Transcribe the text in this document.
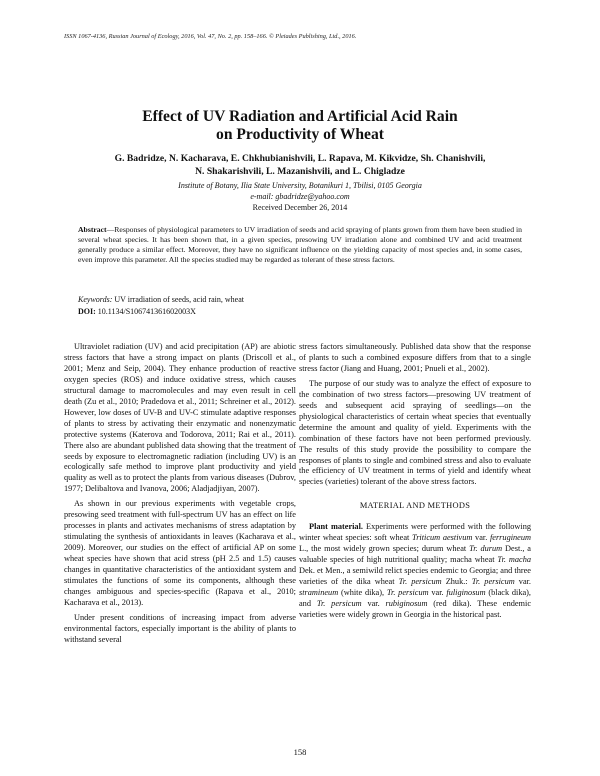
ISSN 1067-4136, Russian Journal of Ecology, 2016, Vol. 47, No. 2, pp. 158–166. © Pleiades Publishing, Ltd., 2016.
Effect of UV Radiation and Artificial Acid Rain
on Productivity of Wheat
G. Badridze, N. Kacharava, E. Chkhubianishvili, L. Rapava, M. Kikvidze, Sh. Chanishvili,
N. Shakarishvili, L. Mazanishvili, and L. Chigladze
Institute of Botany, Ilia State University, Botanikuri 1, Tbilisi, 0105 Georgia
e-mail: gbadridze@yahoo.com
Received December 26, 2014
Abstract—Responses of physiological parameters to UV irradiation of seeds and acid spraying of plants grown from them have been studied in several wheat species. It has been shown that, in a given species, presowing UV irradiation alone and combined UV and acid treatment generally produce a similar effect. Moreover, they have no significant influence on the yielding capacity of most species and, in some cases, even improve this parameter. All the species studied may be regarded as tolerant of these stress factors.
Keywords: UV irradiation of seeds, acid rain, wheat
DOI: 10.1134/S106741361602003X

Ultraviolet radiation (UV) and acid precipitation (AP) are abiotic stress factors that have a strong impact on plants (Driscoll et al., 2001; Menz and Seip, 2004). They enhance production of reactive oxygen species (ROS) and induce oxidative stress, which causes structural damage to macromolecules and may even result in cell death (Zu et al., 2010; Pradedova et al., 2011; Schreiner et al., 2012). However, low doses of UV-B and UV-C stimulate adaptive responses of plants to stress by activating their enzymatic and nonenzymatic protective systems (Katerova and Todorova, 2011; Rai et al., 2011). There also are abundant published data showing that the treatment of seeds by exposure to electromagnetic radiation (including UV) is an ecologically safe method to improve plant productivity and yield quality as well as to protect the plants from various diseases (Dubrov, 1977; Delibaltova and Ivanova, 2006; Aladjadjiyan, 2007).

As shown in our previous experiments with vegetable crops, presowing seed treatment with full-spectrum UV has an effect on life processes in plants and activates mechanisms of stress adaptation by stimulating the synthesis of antioxidants in leaves (Kacharava et al., 2009). Moreover, our studies on the effect of artificial AP on some wheat species have shown that acid stress (pH 2.5 and 1.5) causes changes in quantitative characteristics of the antioxidant system and stimulates the functions of some its components, although these changes ambiguous and species-specific (Rapava et al., 2010; Kacharava et al., 2013).

Under present conditions of increasing impact from adverse environmental factors, especially important is the ability of plants to withstand several

stress factors simultaneously. Published data show that the response of plants to such a combined exposure differs from that to a single stress factor (Jiang and Huang, 2001; Pnueli et al., 2002).

The purpose of our study was to analyze the effect of exposure to the combination of two stress factors—presowing UV treatment of seeds and subsequent acid spraying of seedlings—on the physiological characteristics of certain wheat species that eventually determine the amount and quality of yield. Experiments with the combination of these factors have not been performed previously. The results of this study provide the possibility to compare the responses of plants to single and combined stress and also to evaluate the efficiency of UV treatment in terms of yield and identify wheat species (varieties) tolerant of the above stress factors.

MATERIAL AND METHODS

Plant material. Experiments were performed with the following winter wheat species: soft wheat Triticum aestivum var. ferrugineum L., the most widely grown species; durum wheat Tr. durum Dest., a valuable species of high nutritional quality; macha wheat Tr. macha Dek. et Men., a semiwild relict species endemic to Georgia; and three varieties of the dika wheat Tr. persicum Zhuk.: Tr. persicum var. stramineum (white dika), Tr. persicum var. fuliginosum (black dika), and Tr. persicum var. rubiginosum (red dika). These endemic varieties were widely grown in Georgia in the historical past.

158
